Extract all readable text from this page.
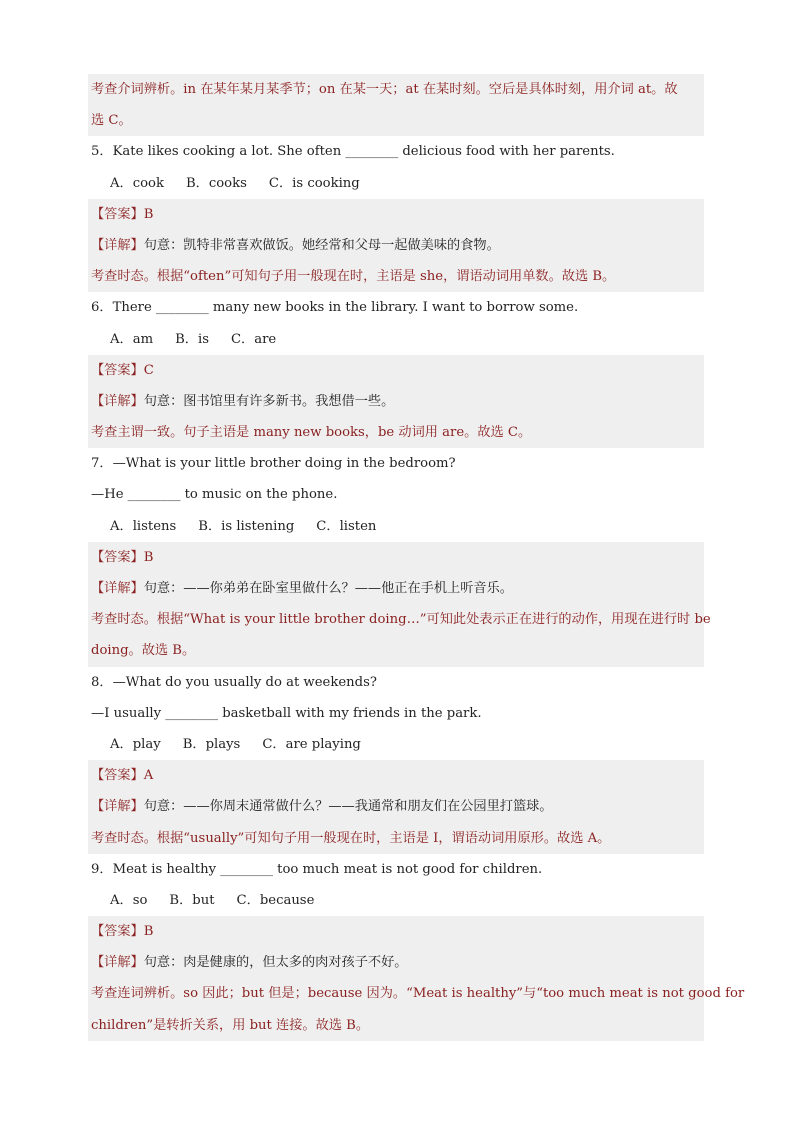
考查介词辨析。in 在某年某月某季节；on 在某一天；at 在某时刻。空后是具体时刻，用介词 at。故
选 C。
5．Kate likes cooking a lot. She often ________ delicious food with her parents.
A．cook B．cooks C．is cooking
【答案】B
【详解】句意：凯特非常喜欢做饭。她经常和父母一起做美味的食物。
考查时态。根据“often”可知句子用一般现在时，主语是 she，谓语动词用单数。故选 B。
6．There ________ many new books in the library. I want to borrow some.
A．am B．is C．are
【答案】C
【详解】句意：图书馆里有许多新书。我想借一些。
考查主谓一致。句子主语是 many new books，be 动词用 are。故选 C。
7．—What is your little brother doing in the bedroom?
—He ________ to music on the phone.
A．listens B．is listening C．listen
【答案】B
【详解】句意：——你弟弟在卧室里做什么？——他正在手机上听音乐。
考查时态。根据“What is your little brother doing…”可知此处表示正在进行的动作，用现在进行时 be
doing。故选 B。
8．—What do you usually do at weekends?
—I usually ________ basketball with my friends in the park.
A．play B．plays C．are playing
【答案】A
【详解】句意：——你周末通常做什么？——我通常和朋友们在公园里打篮球。
考查时态。根据“usually”可知句子用一般现在时，主语是 I，谓语动词用原形。故选 A。
9．Meat is healthy ________ too much meat is not good for children.
A．so B．but C．because
【答案】B
【详解】句意：肉是健康的，但太多的肉对孩子不好。
考查连词辨析。so 因此；but 但是；because 因为。“Meat is healthy”与“too much meat is not good for
children”是转折关系，用 but 连接。故选 B。
